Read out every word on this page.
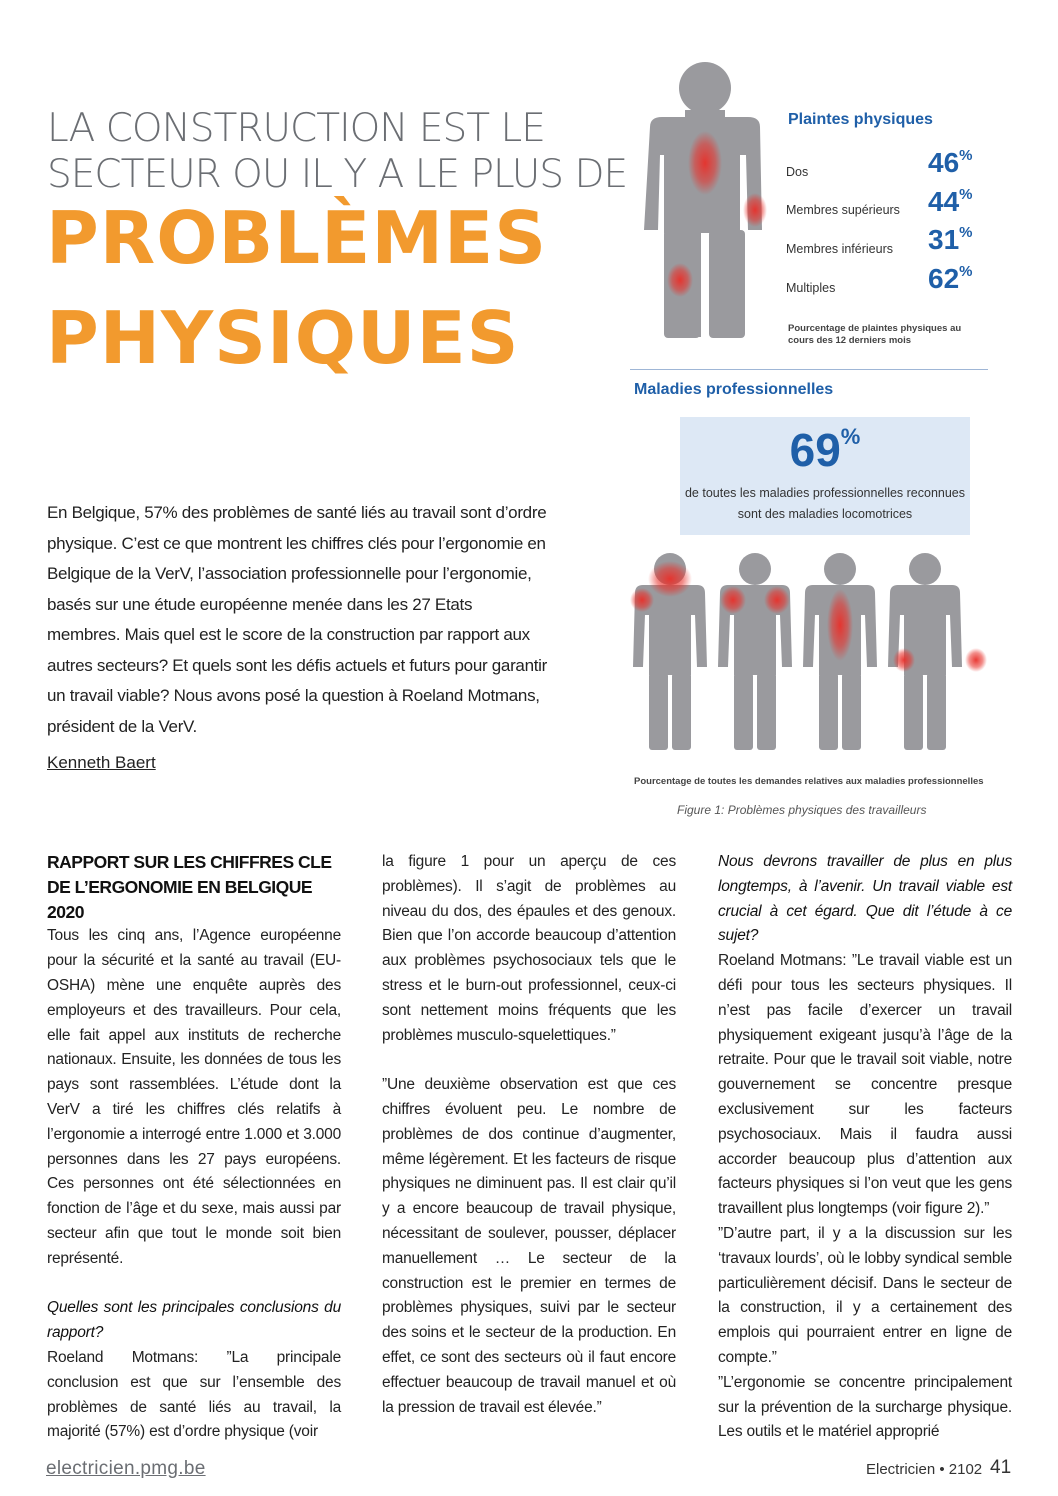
LA CONSTRUCTION EST LE
SECTEUR OU IL Y A LE PLUS DE
PROBLÈMES
PHYSIQUES

En Belgique, 57% des problèmes de santé liés au travail sont d’ordre physique. C’est ce que montrent les chiffres clés pour l’ergonomie en Belgique de la VerV, l’association professionnelle pour l’ergonomie, basés sur une étude européenne menée dans les 27 Etats membres. Mais quel est le score de la construction par rapport aux autres secteurs? Et quels sont les défis actuels et futurs pour garantir un travail viable? Nous avons posé la question à Roeland Motmans, président de la VerV.

Kenneth Baert
Plaintes physiques
Dos	46%
Membres supérieurs 44%
Membres inférieurs 31%
Multiples	62%
Pourcentage de plaintes physiques au cours des 12 derniers mois
Maladies professionnelles
69%
de toutes les maladies professionnelles reconnues sont des maladies locomotrices
Pourcentage de toutes les demandes relatives aux maladies professionnelles
Figure 1: Problèmes physiques des travailleurs
RAPPORT SUR LES CHIFFRES CLE DE L’ERGONOMIE EN BELGIQUE 2020

Tous les cinq ans, l’Agence européenne pour la sécurité et la santé au travail (EU-OSHA) mène une enquête auprès des employeurs et des travailleurs. Pour cela, elle fait appel aux instituts de recherche nationaux. Ensuite, les données de tous les pays sont rassemblées. L’étude dont la VerV a tiré les chiffres clés relatifs à l’ergonomie a interrogé entre 1.000 et 3.000 personnes dans les 27 pays européens. Ces personnes ont été sélectionnées en fonction de l’âge et du sexe, mais aussi par secteur afin que tout le monde soit bien représenté.

Quelles sont les principales conclusions du rapport?

Roeland Motmans: ”La principale conclusion est que sur l’ensemble des problèmes de santé liés au travail, la majorité (57%) est d’ordre physique (voir

la figure 1 pour un aperçu de ces problèmes). Il s’agit de problèmes au niveau du dos, des épaules et des genoux. Bien que l’on accorde beaucoup d’attention aux problèmes psychosociaux tels que le stress et le burn-out professionnel, ceux-ci sont nettement moins fréquents que les problèmes musculo-squelettiques.”

”Une deuxième observation est que ces chiffres évoluent peu. Le nombre de problèmes de dos continue d’augmenter, même légèrement. Et les facteurs de risque physiques ne diminuent pas. Il est clair qu’il y a encore beaucoup de travail physique, nécessitant de soulever, pousser, déplacer manuellement … Le secteur de la construction est le premier en termes de problèmes physiques, suivi par le secteur des soins et le secteur de la production. En effet, ce sont des secteurs où il faut encore effectuer beaucoup de travail manuel et où la pression de travail est élevée.”

Nous devrons travailler de plus en plus longtemps, à l’avenir. Un travail viable est crucial à cet égard. Que dit l’étude à ce sujet?

Roeland Motmans: ”Le travail viable est un défi pour tous les secteurs physiques. Il n’est pas facile d’exercer un travail physiquement exigeant jusqu’à l’âge de la retraite. Pour que le travail soit viable, notre gouvernement se concentre presque exclusivement sur les facteurs psychosociaux. Mais il faudra aussi accorder beaucoup plus d’attention aux facteurs physiques si l’on veut que les gens travaillent plus longtemps (voir figure 2).”

”D’autre part, il y a la discussion sur les ‘travaux lourds’, où le lobby syndical semble particulièrement décisif. Dans le secteur de la construction, il y a certainement des emplois qui pourraient entrer en ligne de compte.”

”L’ergonomie se concentre principalement sur la prévention de la surcharge physique. Les outils et le matériel approprié

electricien.pmg.be	Electricien • 2102 41
